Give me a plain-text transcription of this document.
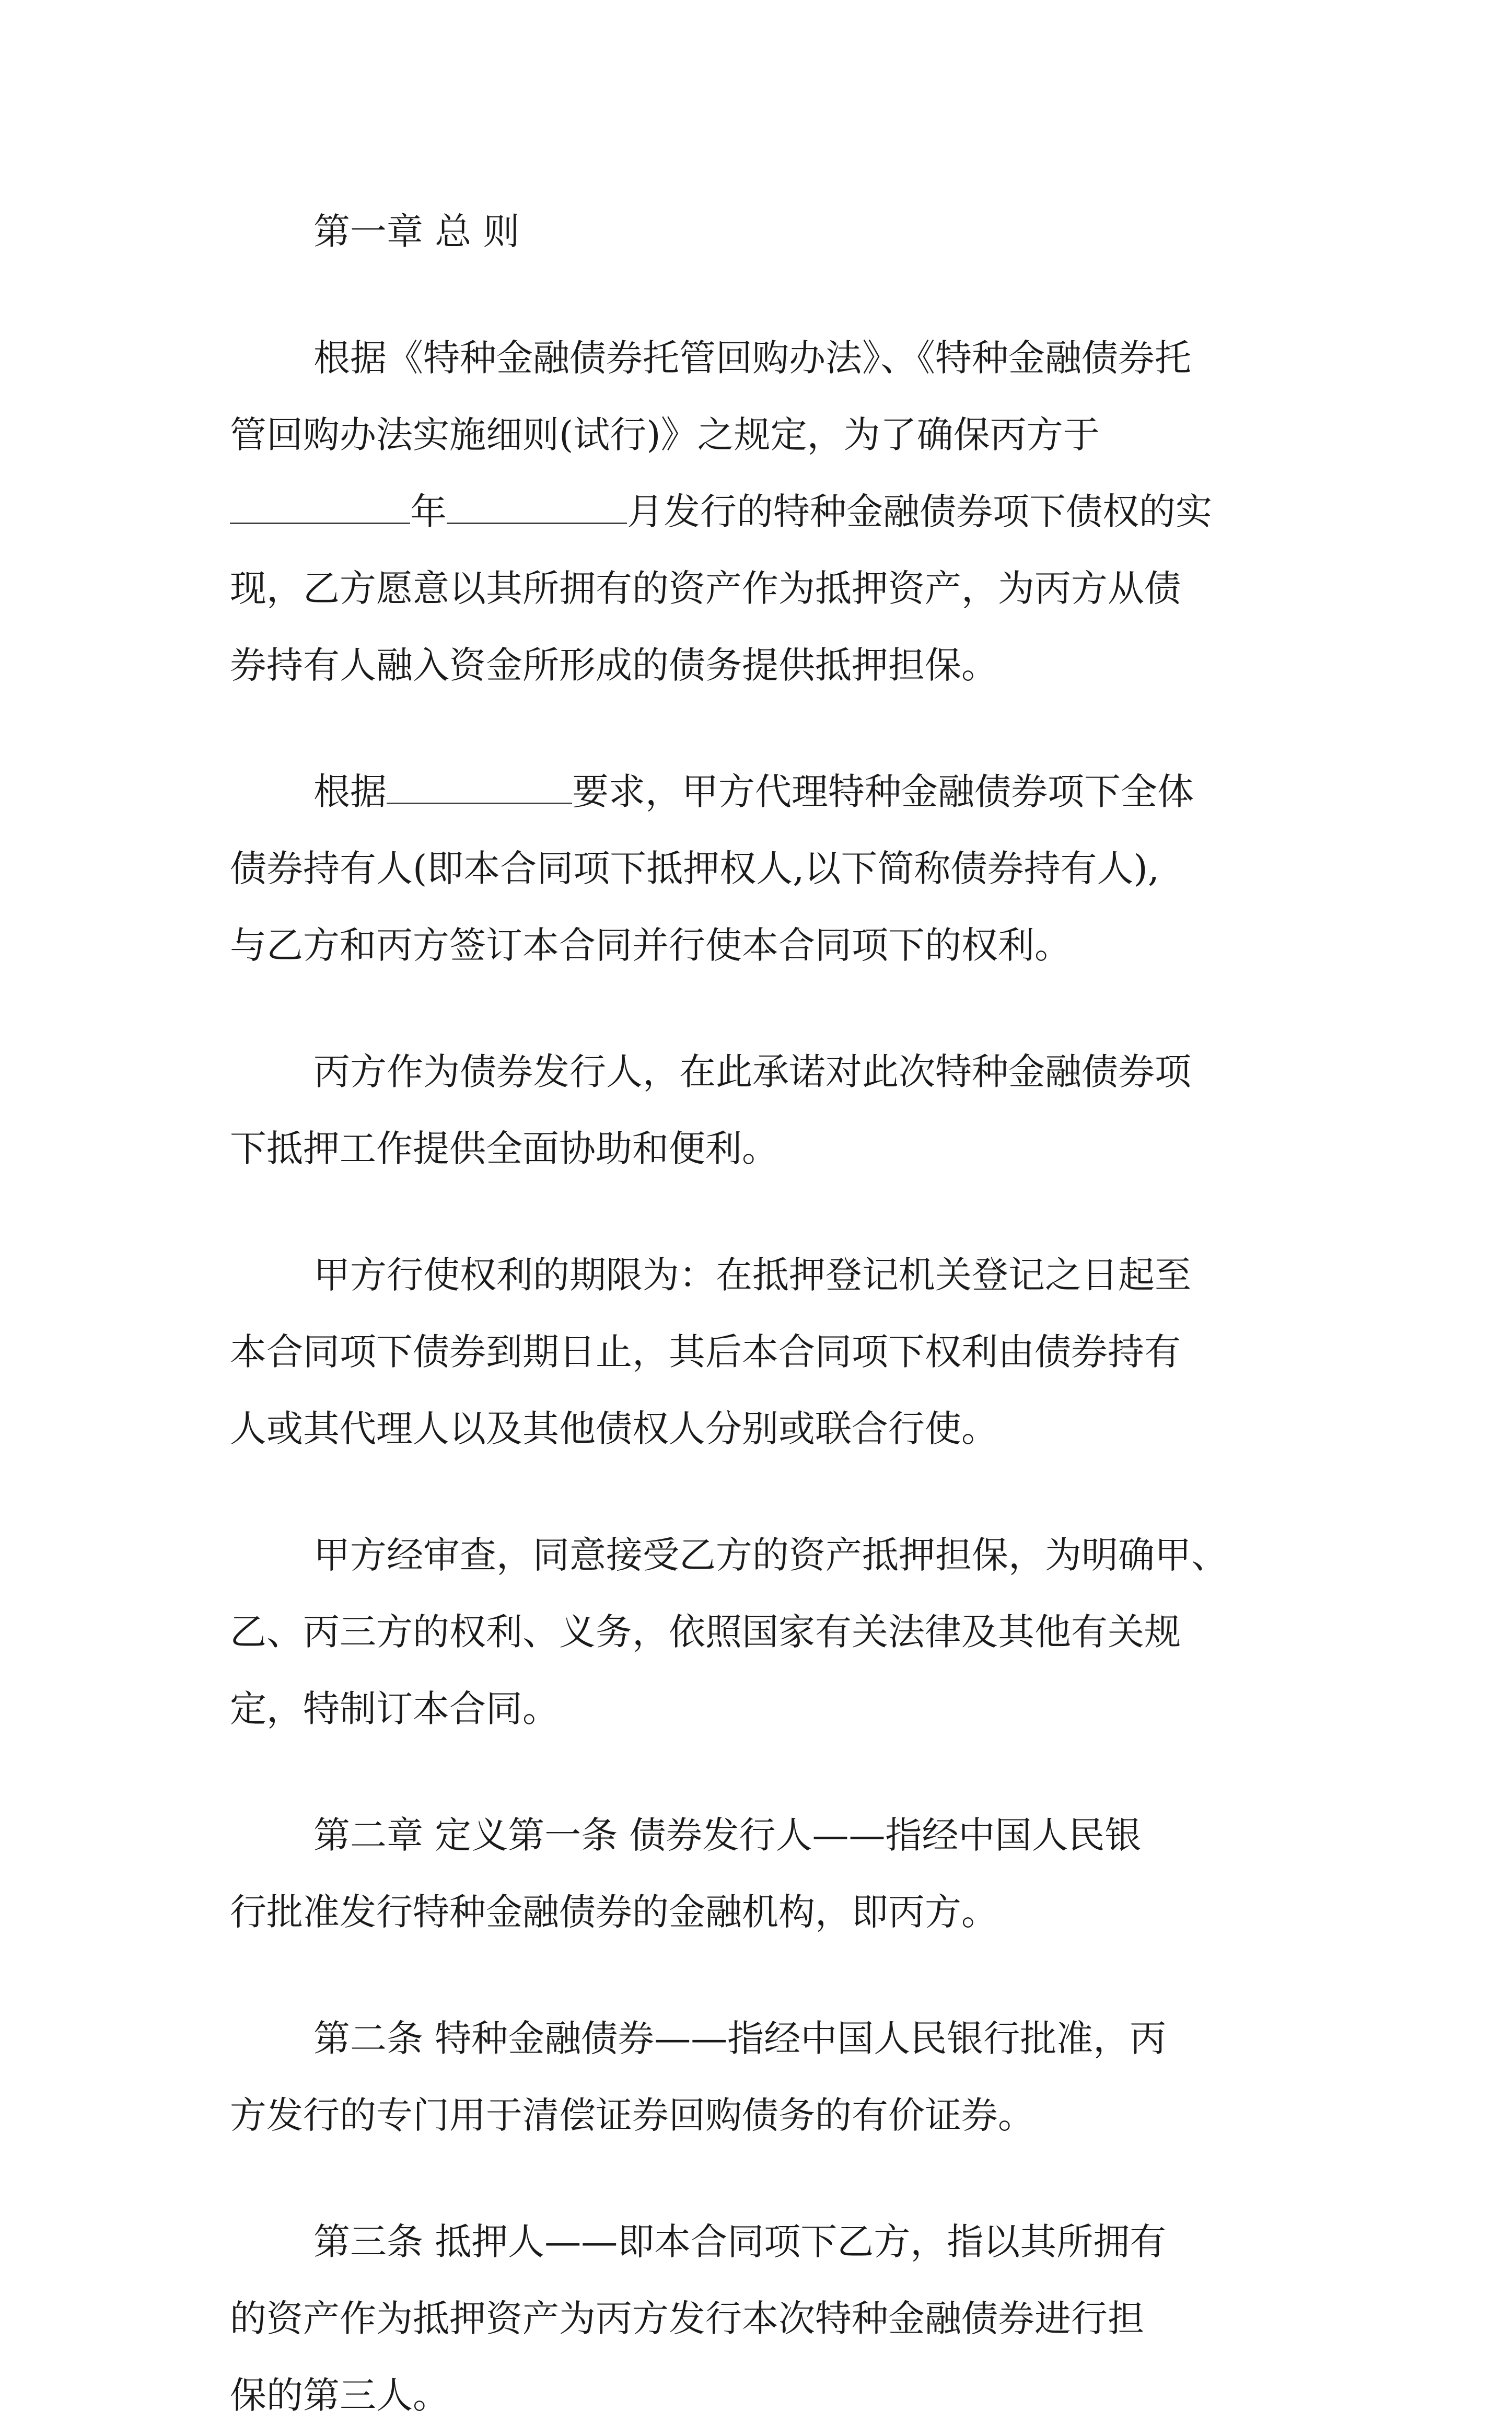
第一章 总 则
根据《特种金融债券托管回购办法》、《特种金融债券托
管回购办法实施细则(试行)》之规定，为了确保丙方于
年	月发行的特种金融债券项下债权的实
现，乙方愿意以其所拥有的资产作为抵押资产，为丙方从债
券持有人融入资金所形成的债务提供抵押担保。
根据	要求，甲方代理特种金融债券项下全体
债券持有人(即本合同项下抵押权人,以下简称债券持有人),
与乙方和丙方签订本合同并行使本合同项下的权利。
丙方作为债券发行人，在此承诺对此次特种金融债券项
下抵押工作提供全面协助和便利。
甲方行使权利的期限为：在抵押登记机关登记之日起至
本合同项下债券到期日止，其后本合同项下权利由债券持有
人或其代理人以及其他债权人分别或联合行使。
甲方经审查，同意接受乙方的资产抵押担保，为明确甲、
乙、丙三方的权利、义务，依照国家有关法律及其他有关规
定，特制订本合同。
第二章 定义第一条 债券发行人——指经中国人民银
行批准发行特种金融债券的金融机构，即丙方。
第二条 特种金融债券——指经中国人民银行批准，丙
方发行的专门用于清偿证券回购债务的有价证券。
第三条 抵押人——即本合同项下乙方，指以其所拥有
的资产作为抵押资产为丙方发行本次特种金融债券进行担
保的第三人。
